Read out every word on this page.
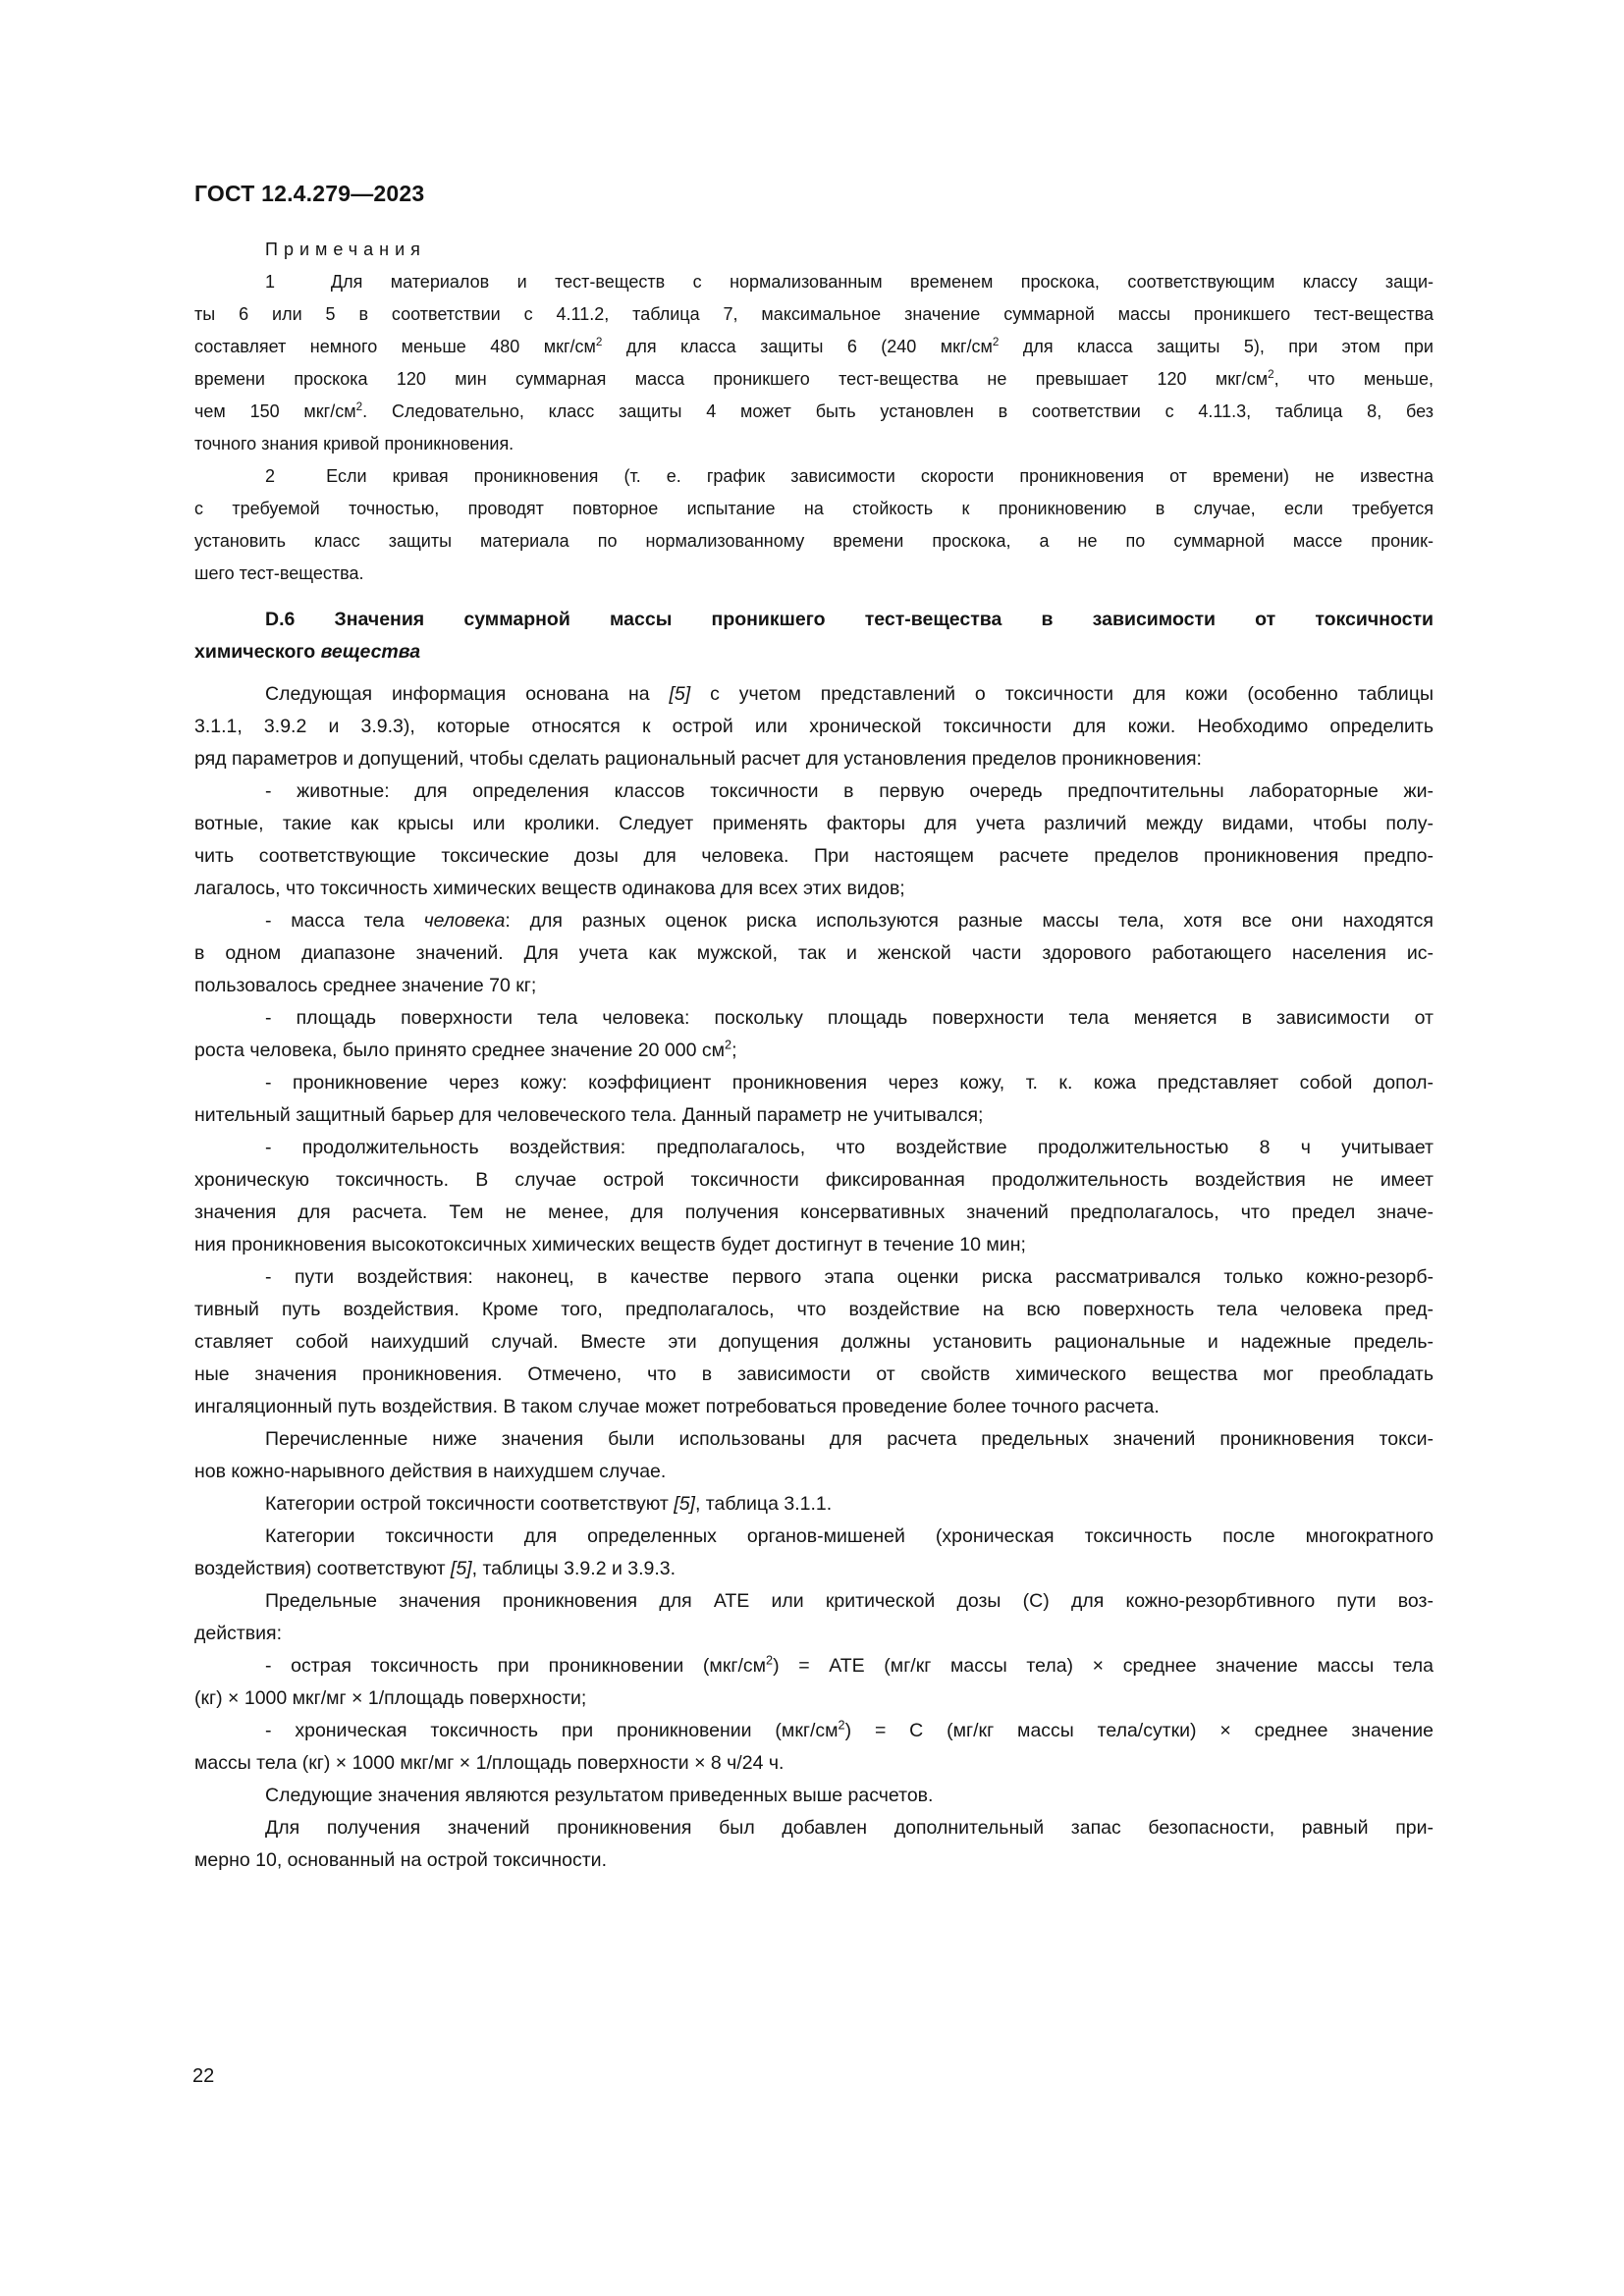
ГОСТ 12.4.279—2023
Примечания
1  Для материалов и тест-веществ с нормализованным временем проскока, соответствующим классу защи-
ты 6 или 5 в соответствии с 4.11.2, таблица 7, максимальное значение суммарной массы проникшего тест-вещества
составляет немного меньше 480 мкг/$см^2$ для класса защиты 6 (240 мкг/$см^2$ для класса защиты 5), при этом при
времени проскока 120 мин суммарная масса проникшего тест-вещества не превышает 120 мкг/$см^2$, что меньше,
чем 150 мкг/$см^2$. Следовательно, класс защиты 4 может быть установлен в соответствии с 4.11.3, таблица 8, без
точного знания кривой проникновения.
2  Если кривая проникновения (т. е. график зависимости скорости проникновения от времени) не известна
с требуемой точностью, проводят повторное испытание на стойкость к проникновению в случае, если требуется
установить класс защиты материала по нормализованному времени проскока, а не по суммарной массе проник-
шего тест-вещества.
D.6 Значения суммарной массы проникшего тест-вещества в зависимости от токсичности
химического вещества
Следующая информация основана на [5] с учетом представлений о токсичности для кожи (особенно таблицы
3.1.1, 3.9.2 и 3.9.3), которые относятся к острой или хронической токсичности для кожи. Необходимо определить
ряд параметров и допущений, чтобы сделать рациональный расчет для установления пределов проникновения:
- животные: для определения классов токсичности в первую очередь предпочтительны лабораторные жи-
вотные, такие как крысы или кролики. Следует применять факторы для учета различий между видами, чтобы полу-
чить соответствующие токсические дозы для человека. При настоящем расчете пределов проникновения предпо-
лагалось, что токсичность химических веществ одинакова для всех этих видов;
- масса тела человека: для разных оценок риска используются разные массы тела, хотя все они находятся
в одном диапазоне значений. Для учета как мужской, так и женской части здорового работающего населения ис-
пользовалось среднее значение 70 кг;
- площадь поверхности тела человека: поскольку площадь поверхности тела меняется в зависимости от
роста человека, было принято среднее значение 20 000 $см^2$;
- проникновение через кожу: коэффициент проникновения через кожу, т. к. кожа представляет собой допол-
нительный защитный барьер для человеческого тела. Данный параметр не учитывался;
- продолжительность воздействия: предполагалось, что воздействие продолжительностью 8 ч учитывает
хроническую токсичность. В случае острой токсичности фиксированная продолжительность воздействия не имеет
значения для расчета. Тем не менее, для получения консервативных значений предполагалось, что предел значе-
ния проникновения высокотоксичных химических веществ будет достигнут в течение 10 мин;
- пути воздействия: наконец, в качестве первого этапа оценки риска рассматривался только кожно-резорб-
тивный путь воздействия. Кроме того, предполагалось, что воздействие на всю поверхность тела человека пред-
ставляет собой наихудший случай. Вместе эти допущения должны установить рациональные и надежные предель-
ные значения проникновения. Отмечено, что в зависимости от свойств химического вещества мог преобладать
ингаляционный путь воздействия. В таком случае может потребоваться проведение более точного расчета.
Перечисленные ниже значения были использованы для расчета предельных значений проникновения токси-
нов кожно-нарывного действия в наихудшем случае.
Категории острой токсичности соответствуют [5], таблица 3.1.1.
Категории токсичности для определенных органов-мишеней (хроническая токсичность после многократного
воздействия) соответствуют [5], таблицы 3.9.2 и 3.9.3.
Предельные значения проникновения для АТЕ или критической дозы (С) для кожно-резорбтивного пути воз-
действия:
- острая токсичность при проникновении $(мкг/см^2)$ = АТЕ (мг/кг массы тела) × среднее значение массы тела
(кг) × 1000 мкг/мг × 1/площадь поверхности;
- хроническая токсичность при проникновении $(мкг/см^2) = С$ (мг/кг массы тела/сутки) × среднее значение
массы тела (кг) × 1000 мкг/мг × 1/площадь поверхности × 8 ч/24 ч.
Следующие значения являются результатом приведенных выше расчетов.
Для получения значений проникновения был добавлен дополнительный запас безопасности, равный при-
мерно 10, основанный на острой токсичности.
22
